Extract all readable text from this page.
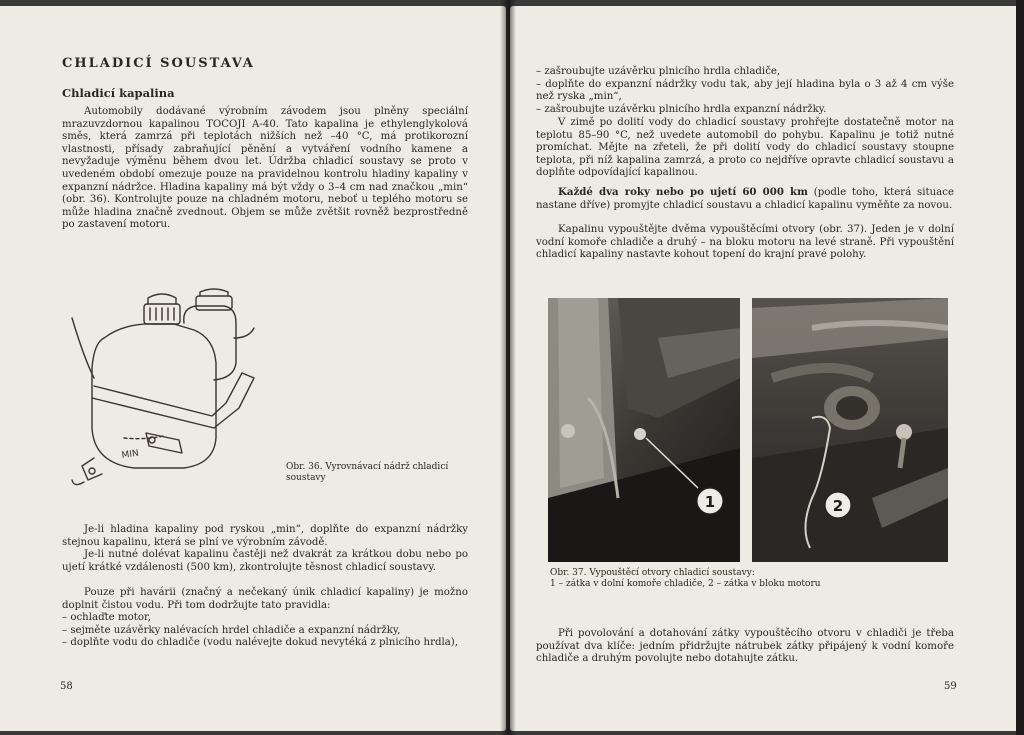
CHLADICÍ SOUSTAVA
Chladicí kapalina

Automobily dodávané výrobním závodem jsou plněny speciální mrazuvzdornou kapalinou TOCOJI A-40. Tato kapalina je ethylenglykolová směs, která zamrzá při teplotách nižších než –40 °C, má protikorozní vlastnosti, přísady zabraňující pěnění a vytváření vodního kamene a nevyžaduje výměnu během dvou let. Údržba chladicí soustavy se proto v uvedeném období omezuje pouze na pravidelnou kontrolu hladiny kapaliny v expanzní nádržce. Hladina kapaliny má být vždy o 3–4 cm nad značkou „min“ (obr. 36). Kontrolujte pouze na chladném motoru, neboť u teplého motoru se může hladina značně zvednout. Objem se může zvětšit rovněž bezprostředně po zastavení motoru.

MIN
Obr. 36. Vyrovnávací nádrž chladicí soustavy

Je-li hladina kapaliny pod ryskou „min“, doplňte do expanzní nádržky stejnou kapalinu, která se plní ve výrobním závodě.

Je-li nutné dolévat kapalinu častěji než dvakrát za krátkou dobu nebo po ujetí krátké vzdálenosti (500 km), zkontrolujte těsnost chladicí soustavy.

Pouze při havárii (značný a nečekaný únik chladicí kapaliny) je možno doplnit čistou vodu. Při tom dodržujte tato pravidla:

– ochlaďte motor,
– sejměte uzávěrky nalévacích hrdel chladiče a expanzní nádržky,
– doplňte vodu do chladiče (vodu nalévejte dokud nevytéká z plnicího hrdla),
58
– zašroubujte uzávěrku plnicího hrdla chladiče,
– doplňte do expanzní nádržky vodu tak, aby její hladina byla o 3 až 4 cm výše než ryska „min“,
– zašroubujte uzávěrku plnicího hrdla expanzní nádržky.

V zimě po dolití vody do chladicí soustavy prohřejte dostatečně motor na teplotu 85–90 °C, než uvedete automobil do pohybu. Kapalinu je totiž nutné promíchat. Mějte na zřeteli, že při dolití vody do chladicí soustavy stoupne teplota, při níž kapalina zamrzá, a proto co nejdříve opravte chladicí soustavu a doplňte odpovídající kapalinou.

Každé dva roky nebo po ujetí 60 000 km (podle toho, která situace nastane dříve) promyjte chladicí soustavu a chladicí kapalinu vyměňte za novou.

Kapalinu vypouštějte dvěma vypouštěcími otvory (obr. 37). Jeden je v dolní vodní komoře chladiče a druhý – na bloku motoru na levé straně. Při vypouštění chladicí kapaliny nastavte kohout topení do krajní pravé polohy.

1	2
Obr. 37. Vypouštěcí otvory chladicí soustavy:
1 – zátka v dolní komoře chladiče, 2 – zátka v bloku motoru

Při povolování a dotahování zátky vypouštěcího otvoru v chladiči je třeba používat dva klíče: jedním přidržujte nátrubek zátky připájený k vodní komoře chladiče a druhým povolujte nebo dotahujte zátku.

59
